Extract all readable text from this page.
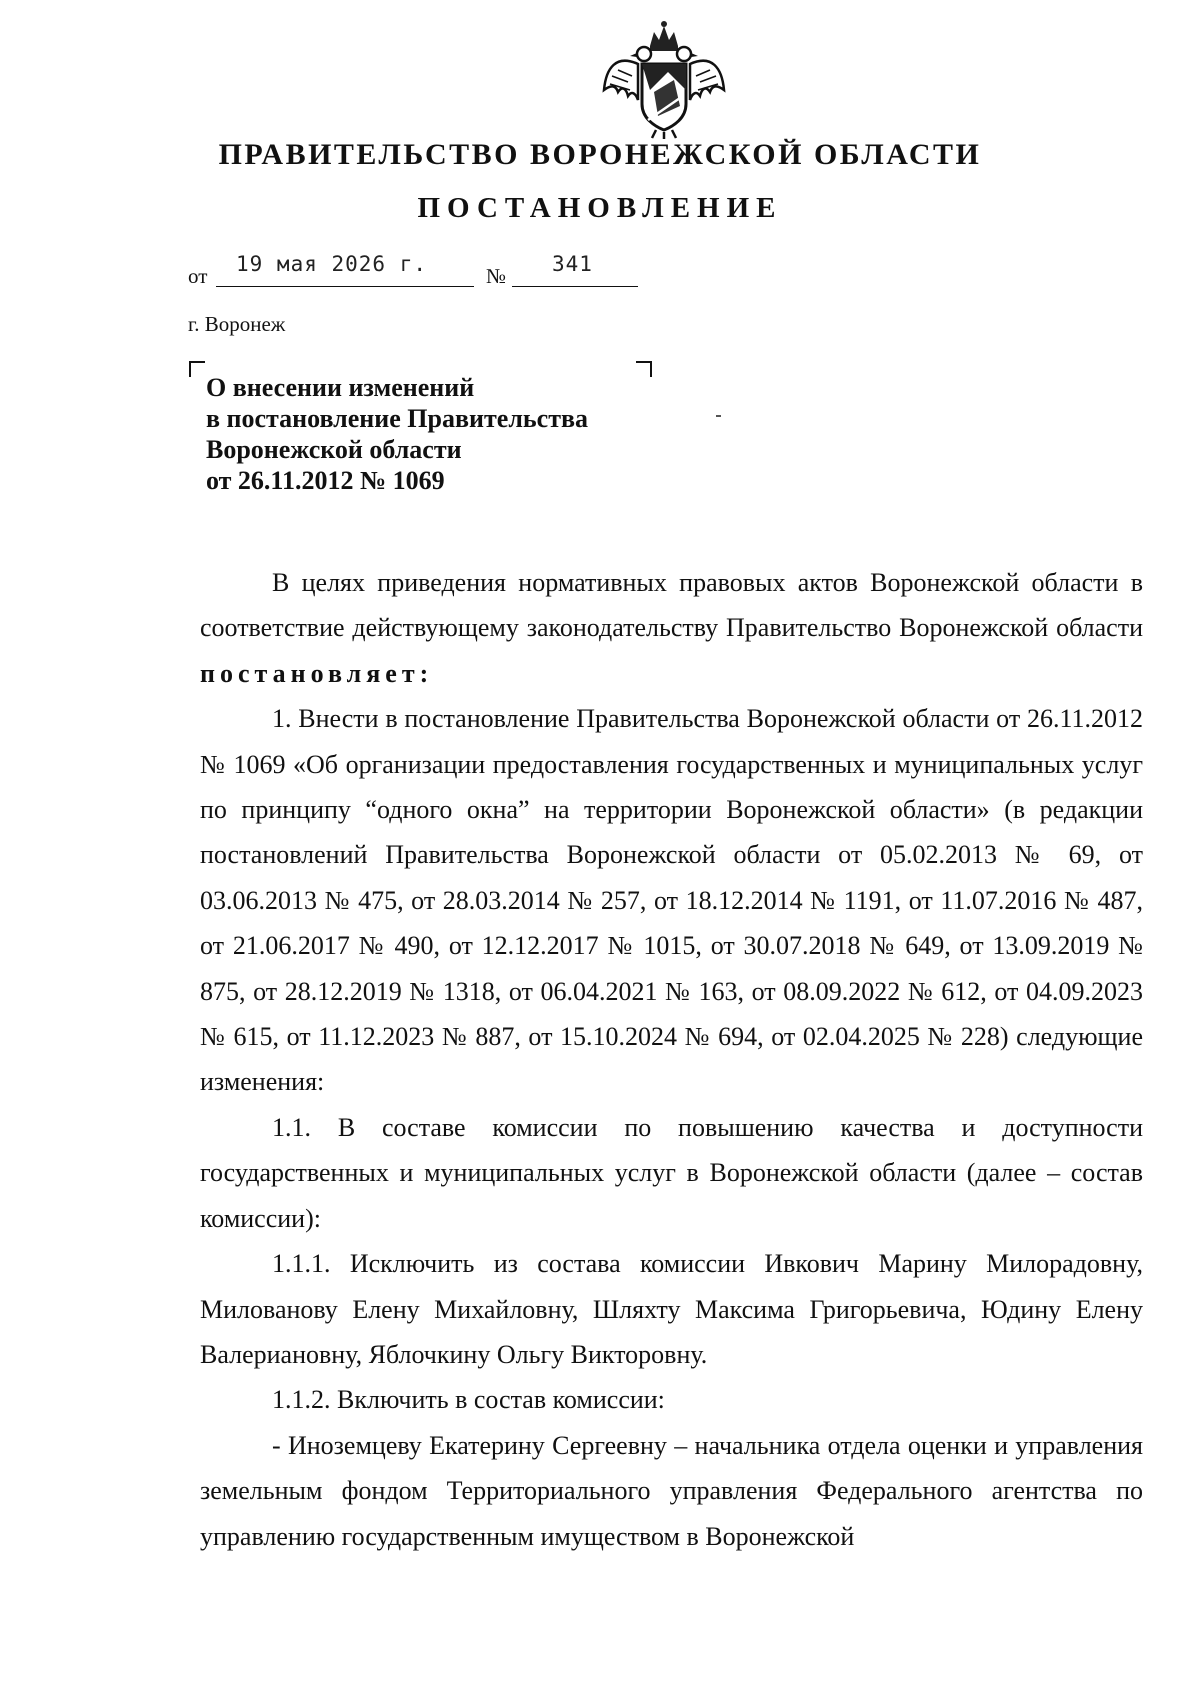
ПРАВИТЕЛЬСТВО ВОРОНЕЖСКОЙ ОБЛАСТИ
ПОСТАНОВЛЕНИЕ
от 19 мая 2026 г.	№ 341
г. Воронеж
О внесении изменений
в постановление Правительства
Воронежской области
от 26.11.2012 № 1069

В целях приведения нормативных правовых актов Воронежской области в соответствие действующему законодательству Правительство Воронежской области постановляет:

1. Внести в постановление Правительства Воронежской области от 26.11.2012 № 1069 «Об организации предоставления государственных и муниципальных услуг по принципу “одного окна” на территории Воронежской области» (в редакции постановлений Правительства Воронежской области от 05.02.2013 № 69, от 03.06.2013 № 475, от 28.03.2014 № 257, от 18.12.2014 № 1191, от 11.07.2016 № 487, от 21.06.2017 № 490, от 12.12.2017 № 1015, от 30.07.2018 № 649, от 13.09.2019 № 875, от 28.12.2019 № 1318, от 06.04.2021 № 163, от 08.09.2022 № 612, от 04.09.2023 № 615, от 11.12.2023 № 887, от 15.10.2024 № 694, от 02.04.2025 № 228) следующие изменения:

1.1. В составе комиссии по повышению качества и доступности государственных и муниципальных услуг в Воронежской области (далее – состав комиссии):

1.1.1. Исключить из состава комиссии Ивкович Марину Милорадовну, Милованову Елену Михайловну, Шляхту Максима Григорьевича, Юдину Елену Валериановну, Яблочкину Ольгу Викторовну.

1.1.2. Включить в состав комиссии:

- Иноземцеву Екатерину Сергеевну – начальника отдела оценки и управления земельным фондом Территориального управления Федерального агентства по управлению государственным имуществом в Воронежской
